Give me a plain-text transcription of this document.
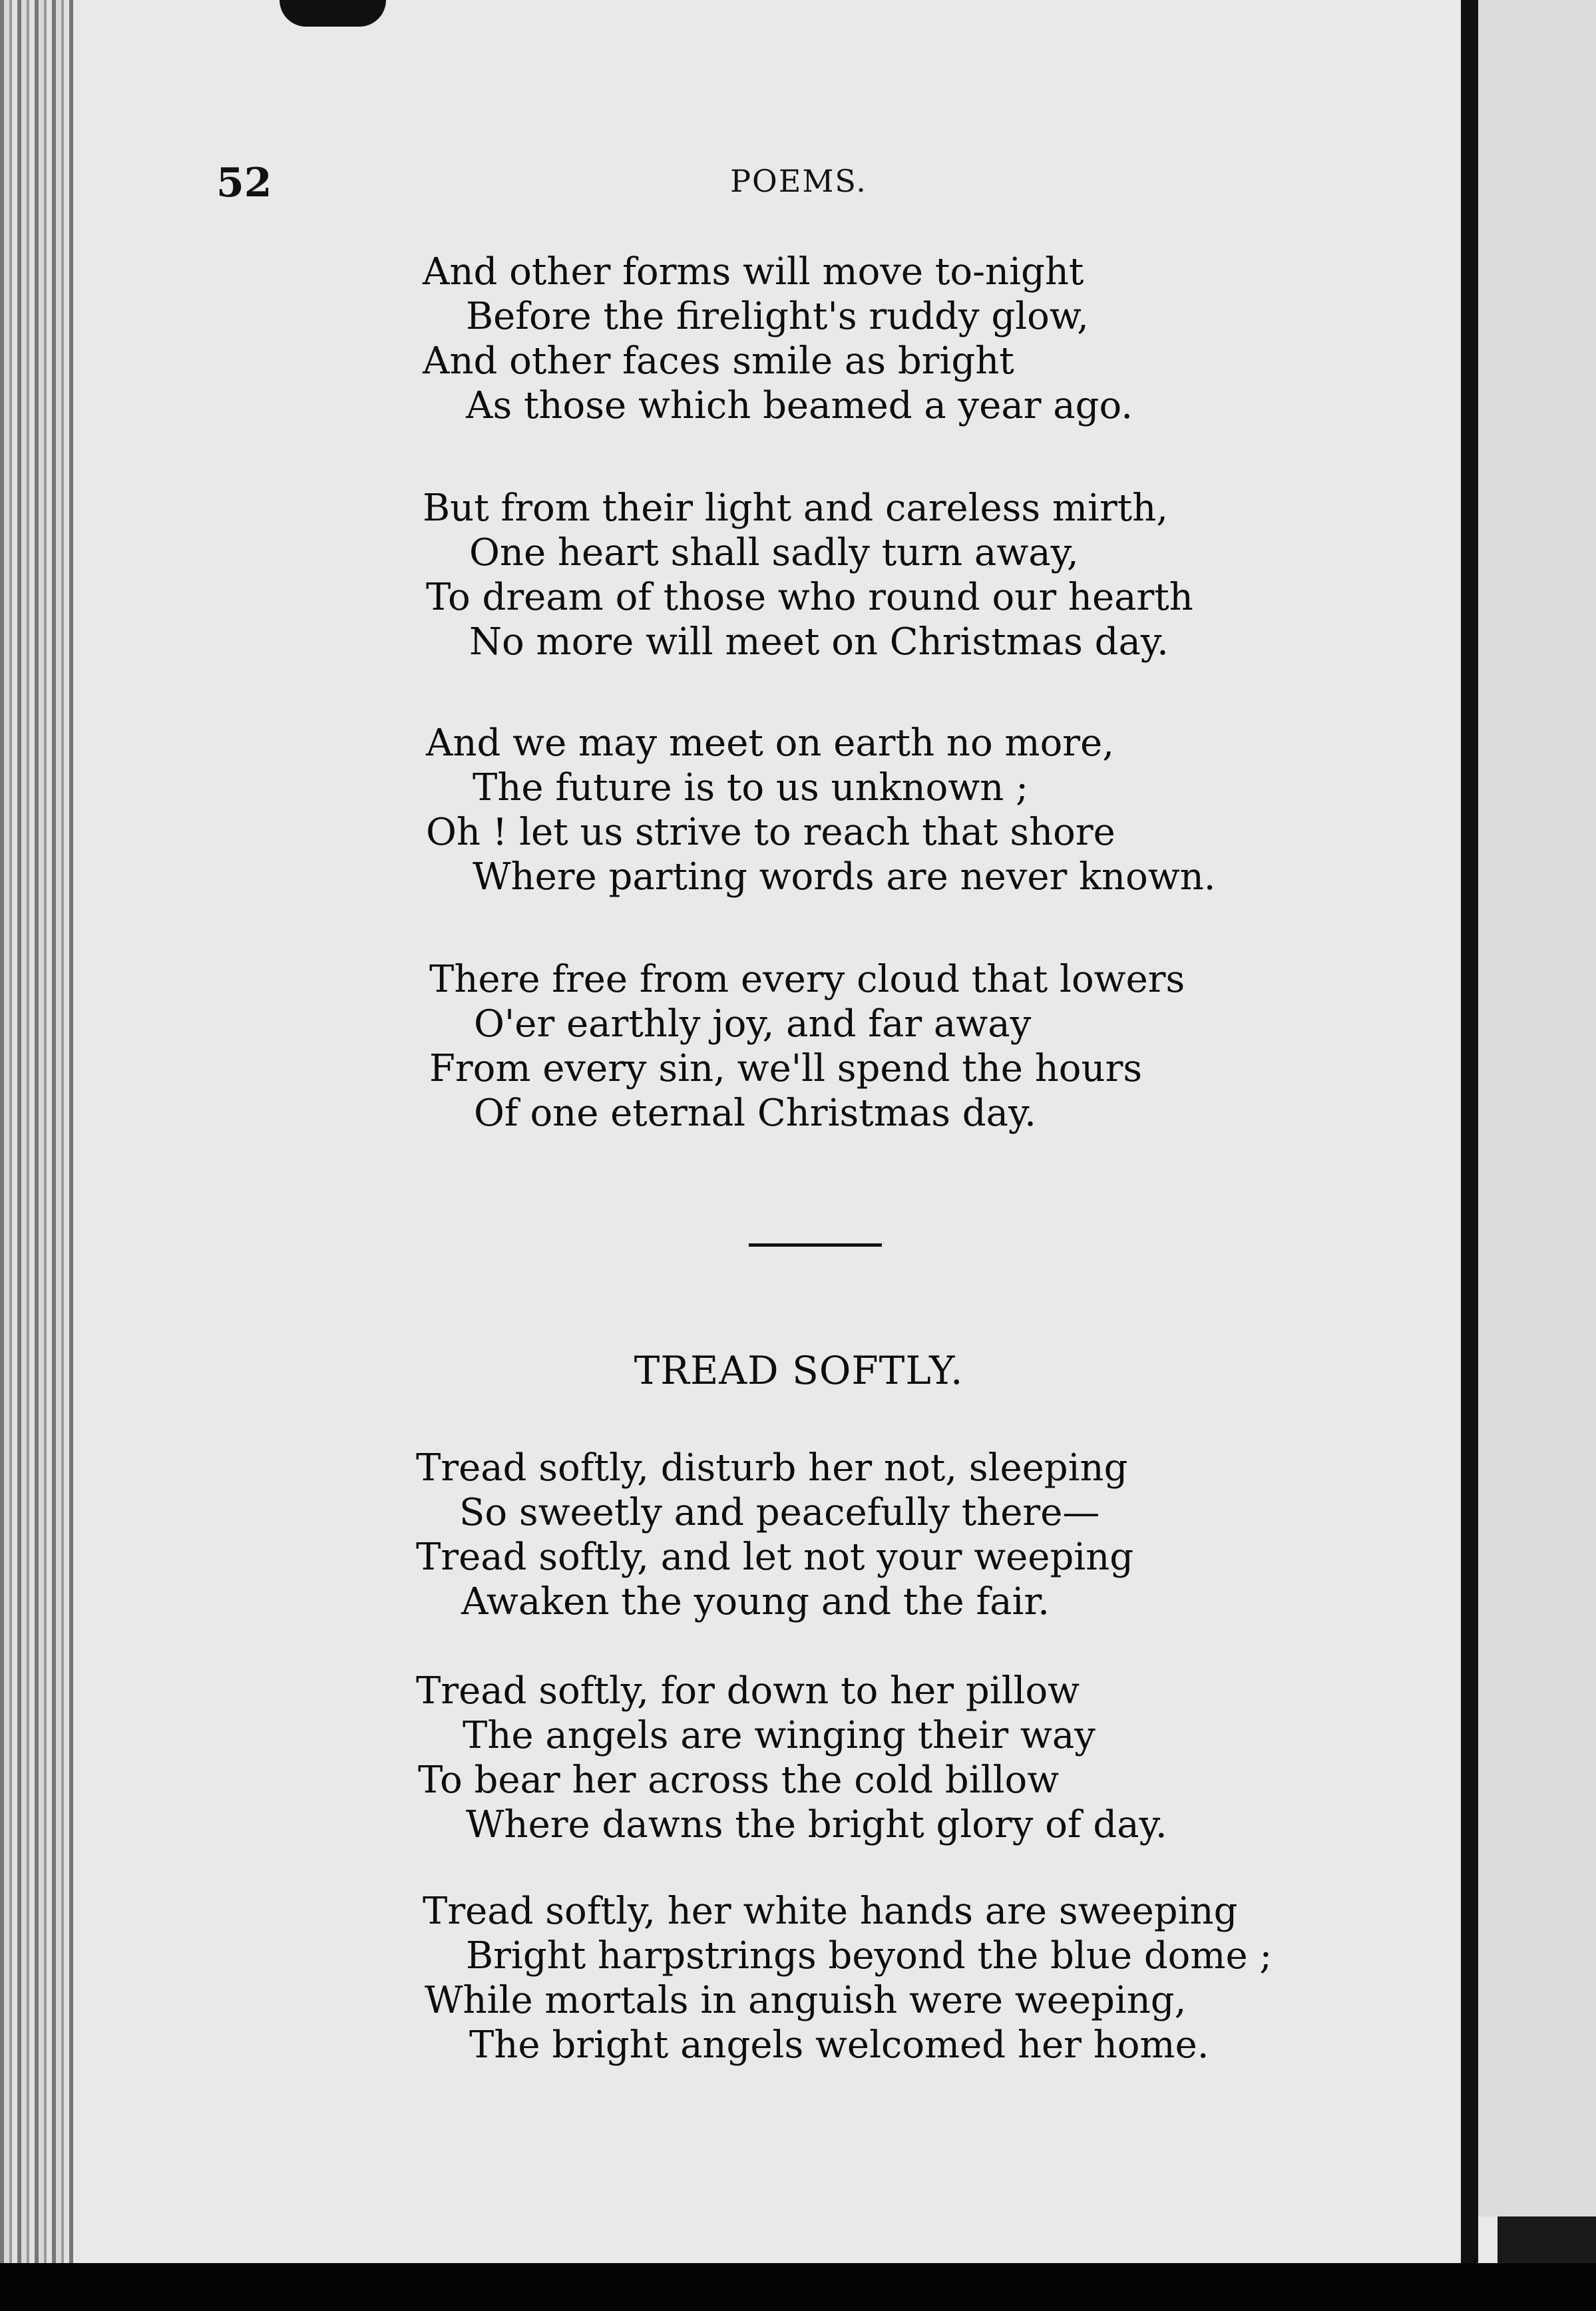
52	POEMS.
And other forms will move to-night
Before the firelight's ruddy glow,
And other faces smile as bright
As those which beamed a year ago.
But from their light and careless mirth,
One heart shall sadly turn away,
To dream of those who round our hearth
No more will meet on Christmas day.
And we may meet on earth no more,
The future is to us unknown ;
Oh ! let us strive to reach that shore
Where parting words are never known.
There free from every cloud that lowers
O'er earthly joy, and far away
From every sin, we'll spend the hours
Of one eternal Christmas day.
TREAD SOFTLY.
Tread softly, disturb her not, sleeping
So sweetly and peacefully there—
Tread softly, and let not your weeping
Awaken the young and the fair.
Tread softly, for down to her pillow
The angels are winging their way
To bear her across the cold billow
Where dawns the bright glory of day.
Tread softly, her white hands are sweeping
Bright harpstrings beyond the blue dome ;
While mortals in anguish were weeping,
The bright angels welcomed her home.
